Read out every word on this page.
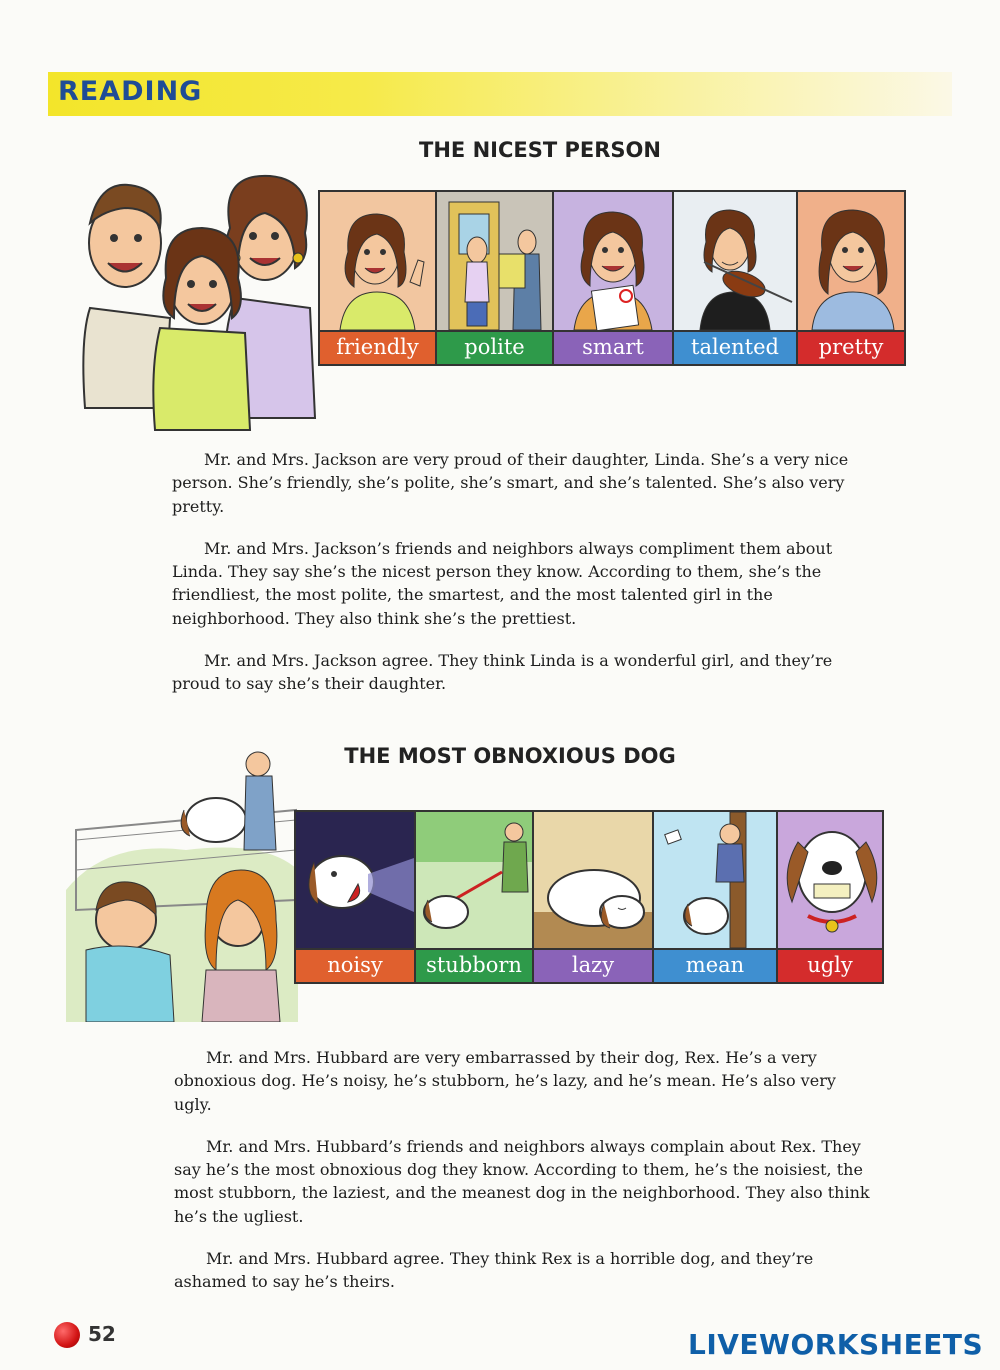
READING
THE NICEST PERSON
friendly	polite	smart	talented	pretty

Mr. and Mrs. Jackson are very proud of their daughter, Linda. She’s a very nice person. She’s friendly, she’s polite, she’s smart, and she’s talented. She’s also very pretty.

Mr. and Mrs. Jackson’s friends and neighbors always compliment them about Linda. They say she’s the nicest person they know. According to them, she’s the friendliest, the most polite, the smartest, and the most talented girl in the neighborhood. They also think she’s the prettiest.

Mr. and Mrs. Jackson agree. They think Linda is a wonderful girl, and they’re proud to say she’s their daughter.

THE MOST OBNOXIOUS DOG
noisy	stubborn	lazy	mean	ugly

Mr. and Mrs. Hubbard are very embarrassed by their dog, Rex. He’s a very obnoxious dog. He’s noisy, he’s stubborn, he’s lazy, and he’s mean. He’s also very ugly.

Mr. and Mrs. Hubbard’s friends and neighbors always complain about Rex. They say he’s the most obnoxious dog they know. According to them, he’s the noisiest, the most stubborn, the laziest, and the meanest dog in the neighborhood. They also think he’s the ugliest.

Mr. and Mrs. Hubbard agree. They think Rex is a horrible dog, and they’re ashamed to say he’s theirs.

52	LIVEWORKSHEETS
